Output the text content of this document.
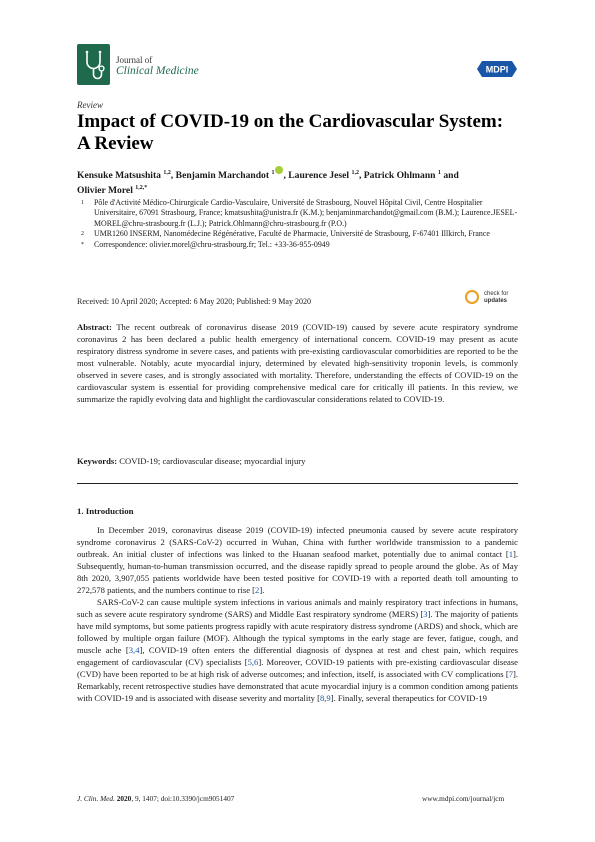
Journal of
Clinical Medicine	MDPI
Review
Impact of COVID-19 on the Cardiovascular System: A Review
Kensuke Matsushita $^{1,2}$, Benjamin Marchandot $^1$ , Laurence Jesel $^{1,2}$, Patrick Ohlmann $^1$ and
Olivier Morel $^{1,2,*}$
1 Pôle d'Activité Médico-Chirurgicale Cardio-Vasculaire, Université de Strasbourg, Nouvel Hôpital Civil, Centre Hospitalier Universitaire, 67091 Strasbourg, France; kmatsushita@unistra.fr (K.M.); benjaminmarchandot@gmail.com (B.M.); Laurence.JESEL-MOREL@chru-strasbourg.fr (L.J.); Patrick.Ohlmann@chru-strasbourg.fr (P.O.)
2 UMR1260 INSERM, Nanomédecine Régénérative, Faculté de Pharmacie, Université de Strasbourg, F-67401 Illkirch, France
* Correspondence: olivier.morel@chru-strasbourg.fr; Tel.: +33-36-955-0949
Received: 10 April 2020; Accepted: 6 May 2020; Published: 9 May 2020
check for
updates
Abstract: The recent outbreak of coronavirus disease 2019 (COVID-19) caused by severe acute respiratory syndrome coronavirus 2 has been declared a public health emergency of international concern. COVID-19 may present as acute respiratory distress syndrome in severe cases, and patients with pre-existing cardiovascular comorbidities are reported to be the most vulnerable. Notably, acute myocardial injury, determined by elevated high-sensitivity troponin levels, is commonly observed in severe cases, and is strongly associated with mortality. Therefore, understanding the effects of COVID-19 on the cardiovascular system is essential for providing comprehensive medical care for critically ill patients. In this review, we summarize the rapidly evolving data and highlight the cardiovascular considerations related to COVID-19.
Keywords: COVID-19; cardiovascular disease; myocardial injury
1. Introduction

In December 2019, coronavirus disease 2019 (COVID-19) infected pneumonia caused by severe acute respiratory syndrome coronavirus 2 (SARS-CoV-2) occurred in Wuhan, China with further worldwide transmission to a pandemic outbreak. An initial cluster of infections was linked to the Huanan seafood market, potentially due to animal contact [1]. Subsequently, human-to-human transmission occurred, and the disease rapidly spread to people around the globe. As of May 8th 2020, 3,907,055 patients worldwide have been tested positive for COVID-19 with a reported death toll amounting to 272,578 patients, and the numbers continue to rise [2].

SARS-CoV-2 can cause multiple system infections in various animals and mainly respiratory tract infections in humans, such as severe acute respiratory syndrome (SARS) and Middle East respiratory syndrome (MERS) [3]. The majority of patients have mild symptoms, but some patients progress rapidly with acute respiratory distress syndrome (ARDS) and shock, which are followed by multiple organ failure (MOF). Although the typical symptoms in the early stage are fever, fatigue, cough, and muscle ache [3,4], COVID-19 often enters the differential diagnosis of dyspnea at rest and chest pain, which requires engagement of cardiovascular (CV) specialists [5,6]. Moreover, COVID-19 patients with pre-existing cardiovascular disease (CVD) have been reported to be at high risk of adverse outcomes; and infection, itself, is associated with CV complications [7]. Remarkably, recent retrospective studies have demonstrated that acute myocardial injury is a common condition among patients with COVID-19 and is associated with disease severity and mortality [8,9]. Finally, several therapeutics for COVID-19

J. Clin. Med. 2020, 9, 1407; doi:10.3390/jcm9051407	www.mdpi.com/journal/jcm
